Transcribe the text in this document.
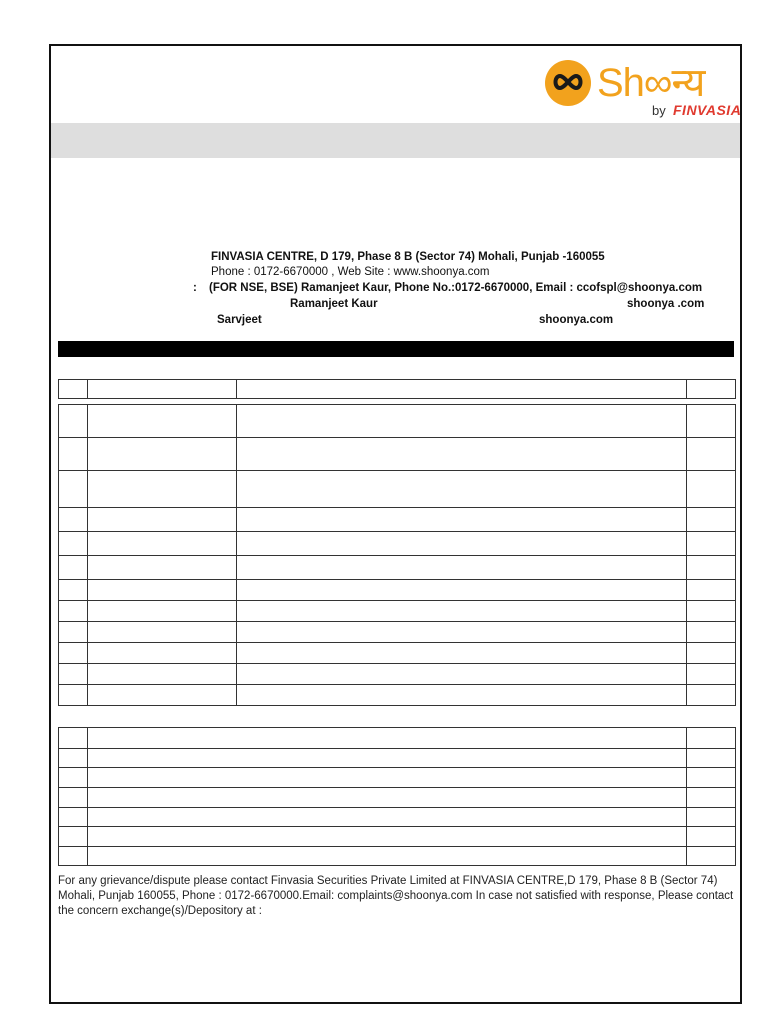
Sh∞न्य
by FINVASIA
FINVASIA CENTRE, D 179, Phase 8 B (Sector 74) Mohali, Punjab -160055
Phone : 0172-6670000 , Web Site : www.shoonya.com
: (FOR NSE, BSE) Ramanjeet Kaur, Phone No.:0172-6670000, Email : ccofspl@shoonya.com
Ramanjeet Kaur	shoonya .com
Sarvjeet	shoonya.com

For any grievance/dispute please contact Finvasia Securities Private Limited at FINVASIA CENTRE,D 179, Phase 8 B (Sector 74) Mohali, Punjab 160055, Phone : 0172-6670000.Email: complaints@shoonya.com In case not satisfied with response, Please contact the concern exchange(s)/Depository at :
